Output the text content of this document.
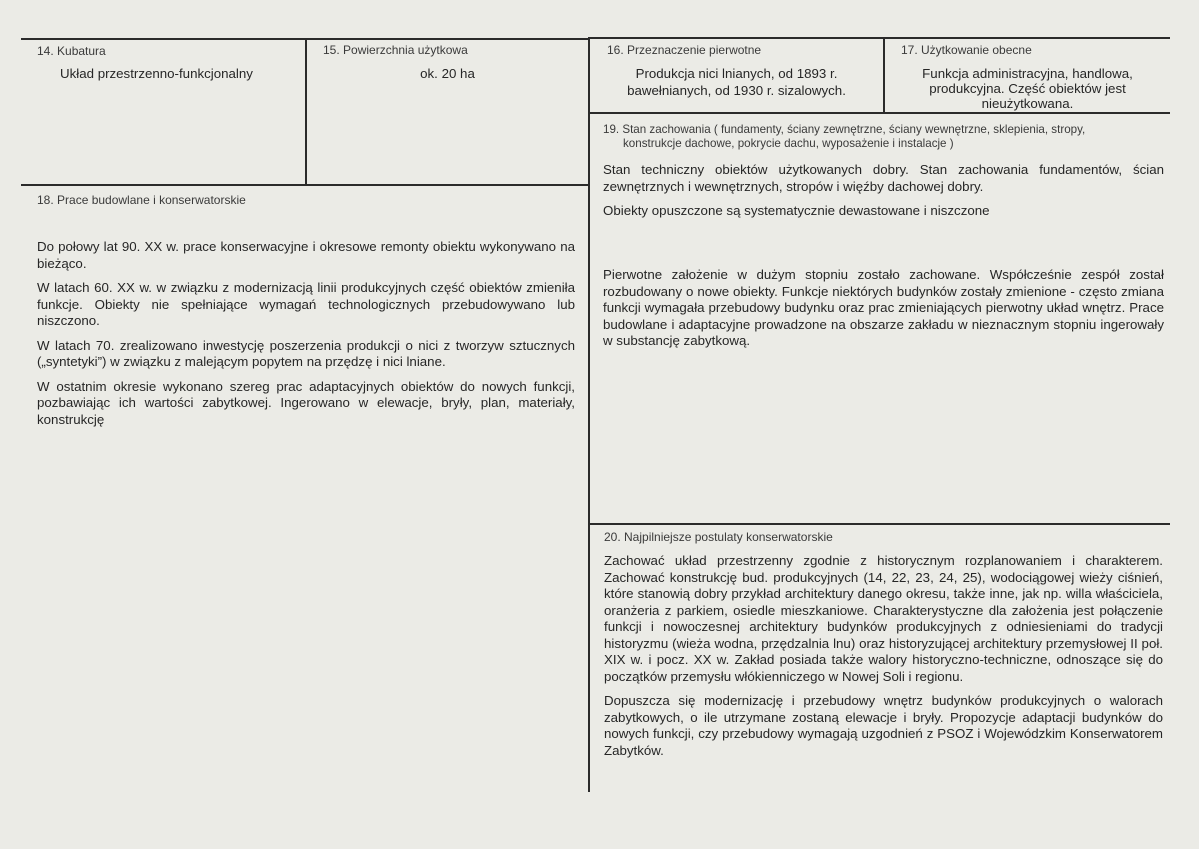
14. Kubatura
Układ przestrzenno-funkcjonalny
15. Powierzchnia użytkowa
ok. 20 ha
16. Przeznaczenie pierwotne
Produkcja nici lnianych, od 1893 r.
bawełnianych, od 1930 r. sizalowych.
17. Użytkowanie obecne
Funkcja administracyjna, handlowa,
produkcyjna. Część obiektów jest
nieużytkowana.
18. Prace budowlane i konserwatorskie

Do połowy lat 90. XX w. prace konserwacyjne i okresowe remonty obiektu wykonywano na bieżąco.

W latach 60. XX w. w związku z modernizacją linii produkcyjnych część obiektów zmieniła funkcje. Obiekty nie spełniające wymagań technologicznych przebudowywano lub niszczono.

W latach 70. zrealizowano inwestycję poszerzenia produkcji o nici z tworzyw sztucznych („syntetyki”) w związku z malejącym popytem na przędzę i nici lniane.

W ostatnim okresie wykonano szereg prac adaptacyjnych obiektów do nowych funkcji, pozbawiając ich wartości zabytkowej. Ingerowano w elewacje, bryły, plan, materiały, konstrukcję

19. Stan zachowania ( fundamenty, ściany zewnętrzne, ściany wewnętrzne, sklepienia, stropy,
konstrukcje dachowe, pokrycie dachu, wyposażenie i instalacje )

Stan techniczny obiektów użytkowanych dobry. Stan zachowania fundamentów, ścian zewnętrznych i wewnętrznych, stropów i więźby dachowej dobry.

Obiekty opuszczone są systematycznie dewastowane i niszczone

Pierwotne założenie w dużym stopniu zostało zachowane. Współcześnie zespół został rozbudowany o nowe obiekty. Funkcje niektórych budynków zostały zmienione - często zmiana funkcji wymagała przebudowy budynku oraz prac zmieniających pierwotny układ wnętrz. Prace budowlane i adaptacyjne prowadzone na obszarze zakładu w nieznacznym stopniu ingerowały w substancję zabytkową.

20. Najpilniejsze postulaty konserwatorskie

Zachować układ przestrzenny zgodnie z historycznym rozplanowaniem i charakterem. Zachować konstrukcję bud. produkcyjnych (14, 22, 23, 24, 25), wodociągowej wieży ciśnień, które stanowią dobry przykład architektury danego okresu, także inne, jak np. willa właściciela, oranżeria z parkiem, osiedle mieszkaniowe. Charakterystyczne dla założenia jest połączenie funkcji i nowoczesnej architektury budynków produkcyjnych z odniesieniami do tradycji historyzmu (wieża wodna, przędzalnia lnu) oraz historyzującej architektury przemysłowej II poł. XIX w. i pocz. XX w. Zakład posiada także walory historyczno-techniczne, odnoszące się do początków przemysłu włókienniczego w Nowej Soli i regionu.

Dopuszcza się modernizację i przebudowy wnętrz budynków produkcyjnych o walorach zabytkowych, o ile utrzymane zostaną elewacje i bryły. Propozycje adaptacji budynków do nowych funkcji, czy przebudowy wymagają uzgodnień z PSOZ i Wojewódzkim Konserwatorem Zabytków.
